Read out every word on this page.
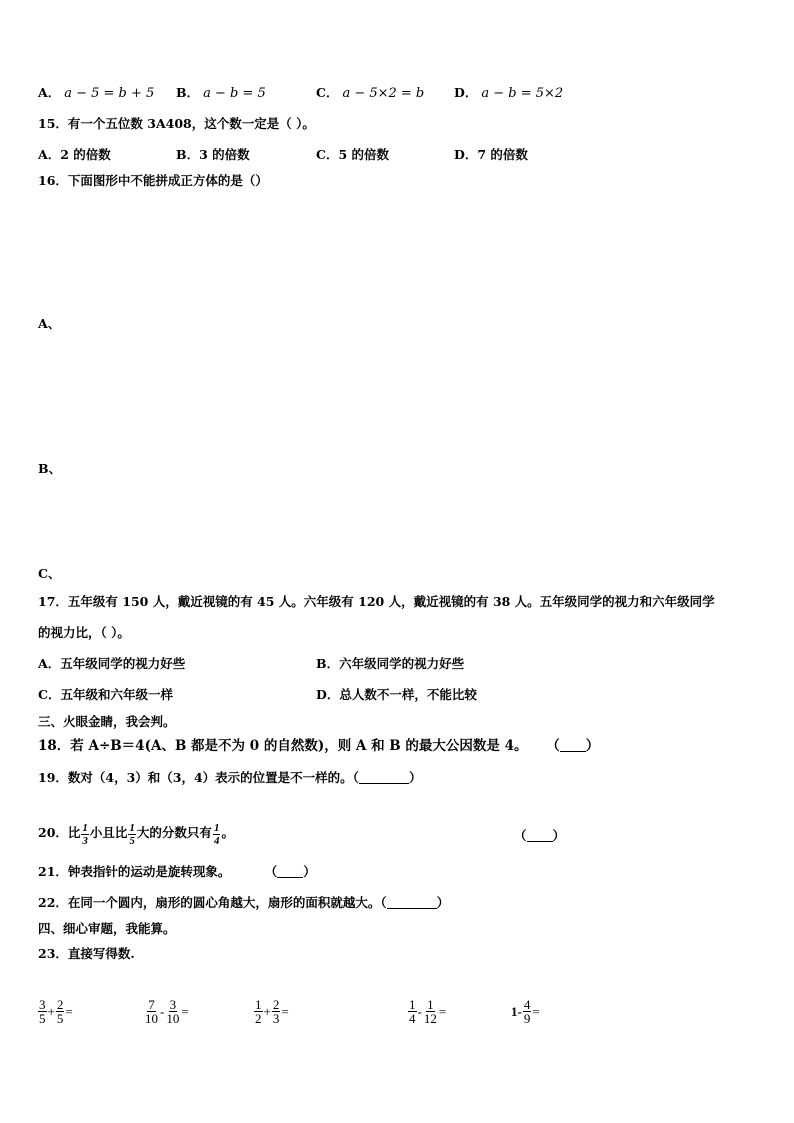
A． a − 5 = b + 5 B． a − b = 5	C． a − 5×2 = b D． a − b = 5×2
15．有一个五位数 3A408，这个数一定是（ ）。
A．2 的倍数	B．3 的倍数	C．5 的倍数	D．7 的倍数
16．下面图形中不能拼成正方体的是（）
A、
B、
C、
17．五年级有 150 人，戴近视镜的有 45 人。六年级有 120 人，戴近视镜的有 38 人。五年级同学的视力和六年级同学
的视力比，（ ）。
A．五年级同学的视力好些	B．六年级同学的视力好些
C．五年级和六年级一样	D．总人数不一样，不能比较
三、火眼金睛，我会判。
18．若 A÷B＝4(A、B 都是不为 0 的自然数)，则 A 和 B 的最大公因数是 4。 （ ）
19．数对（4，3）和（3，4）表示的位置是不一样的。（	）
20．比 $\frac{1}{3}$ 小且比 $\frac{1}{5}$ 大的分数只有 $\frac{1}{4}$ 。	（ ）
21．钟表指针的运动是旋转现象。	（ ）
22．在同一个圆内，扇形的圆心角越大，扇形的面积就越大。（	）
四、细心审题，我能算。
23．直接写得数.
$\frac{3}{5} + \frac{2}{5}$ =	$\frac{7}{10} - \frac{3}{10}$ =	$\frac{1}{2} + \frac{2}{3}$ =	$\frac{1}{4} - \frac{1}{12}$ =	$1- \frac{4}{9}$ =
